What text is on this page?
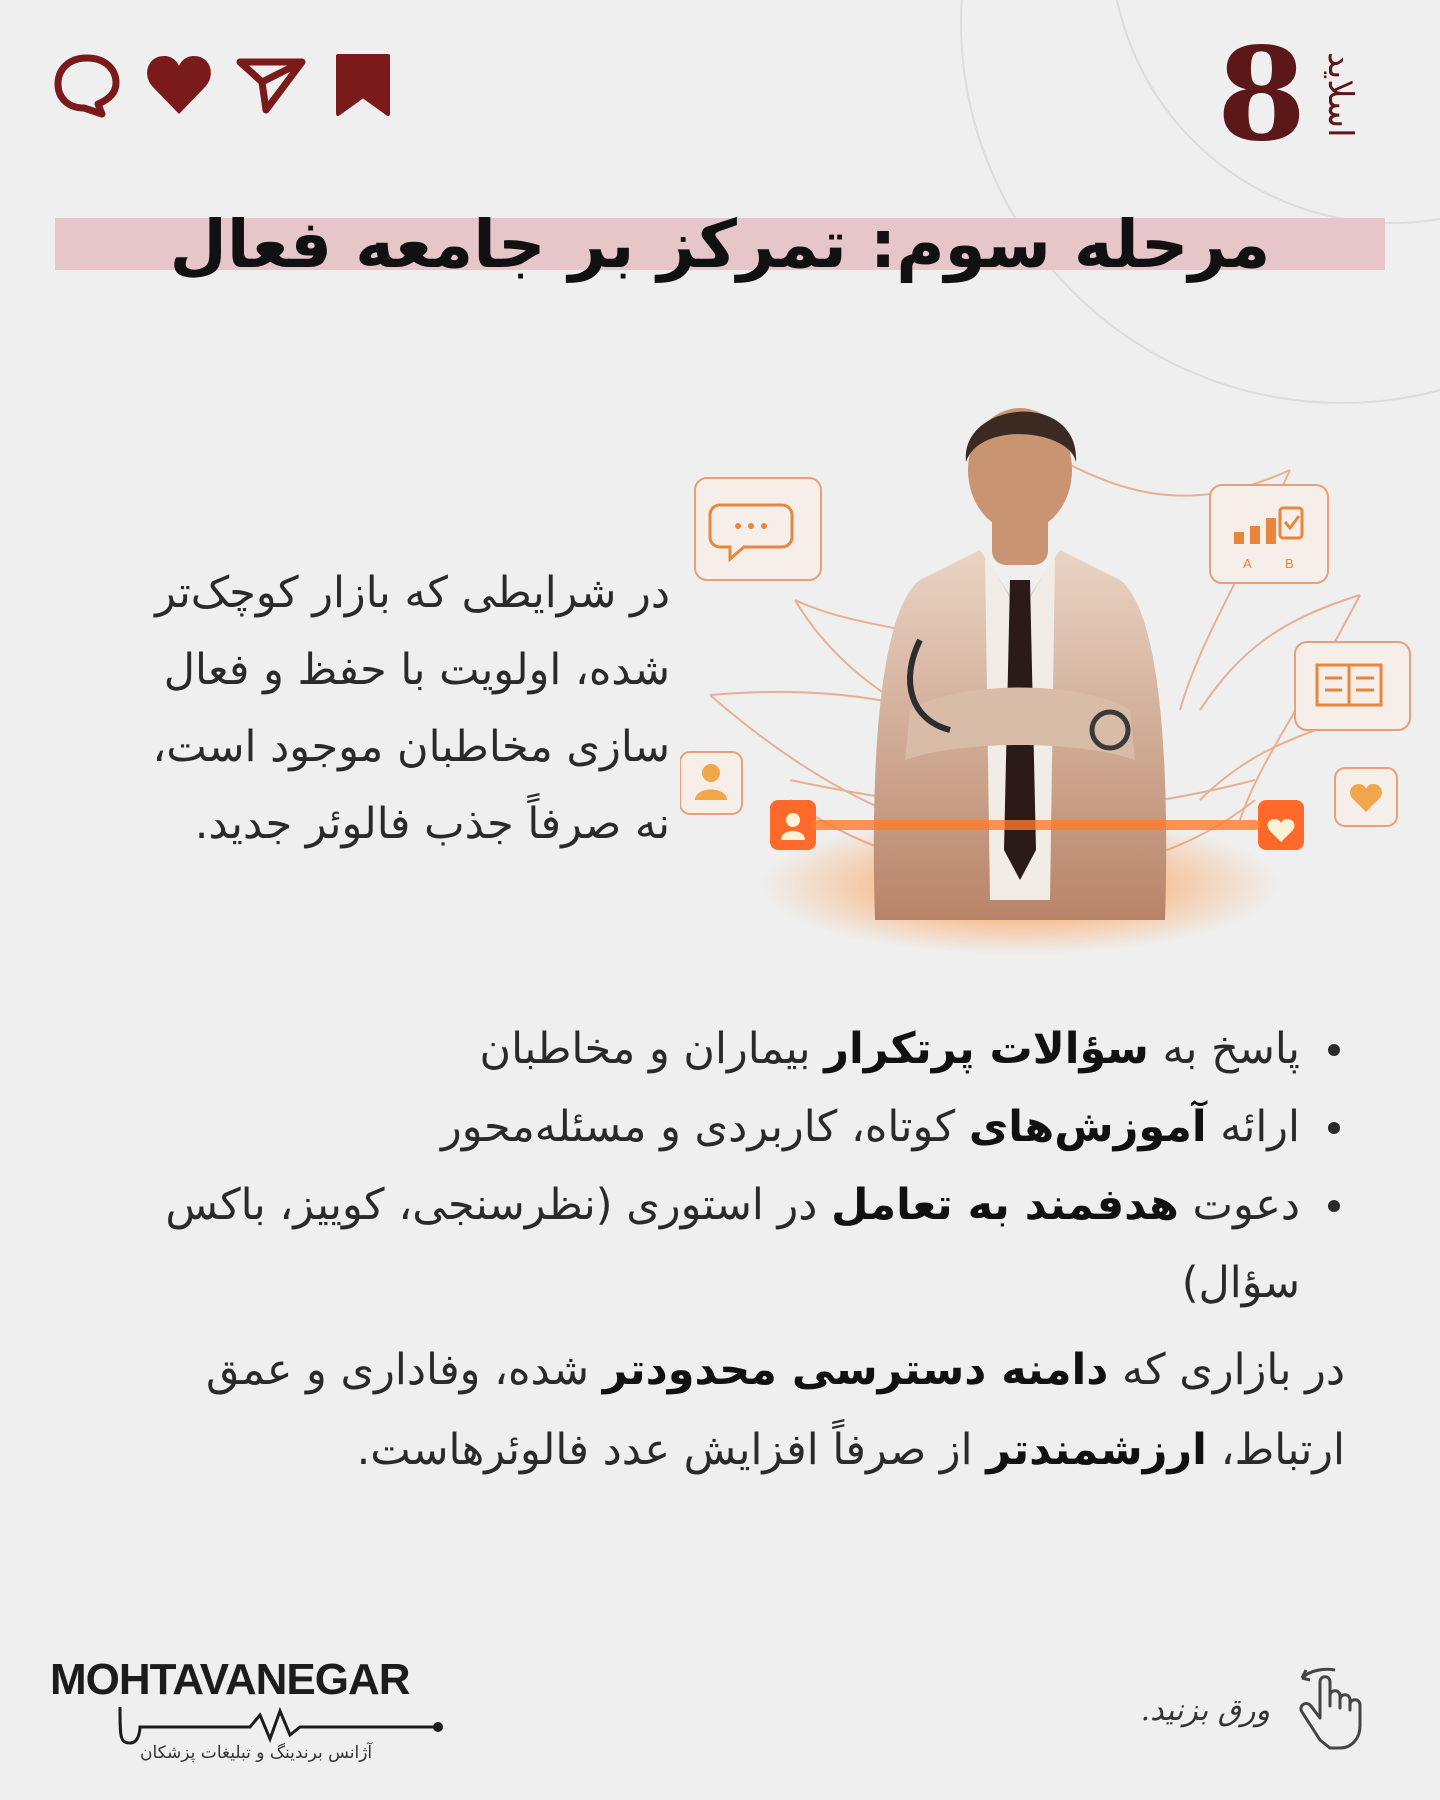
8 اسلاید
مرحله سوم: تمرکز بر جامعه فعال
در شرایطی که بازار کوچک‌تر
شده، اولویت با حفظ و فعال
سازی مخاطبان موجود است،
نه صرفاً جذب فالوئر جدید.
A	B
پاسخ به سؤالات پرتکرار بیماران و مخاطبان
ارائه آموزش‌های کوتاه، کاربردی و مسئله‌محور
دعوت هدفمند به تعامل در استوری (نظرسنجی، کوییز، باکس سؤال)
در بازاری که دامنه دسترسی محدودتر شده، وفاداری و عمق ارتباط، ارزشمندتر از صرفاً افزایش عدد فالوئرهاست.
MOHTAVANEGAR
آژانس برندینگ و تبلیغات پزشکان
ورق بزنید.
